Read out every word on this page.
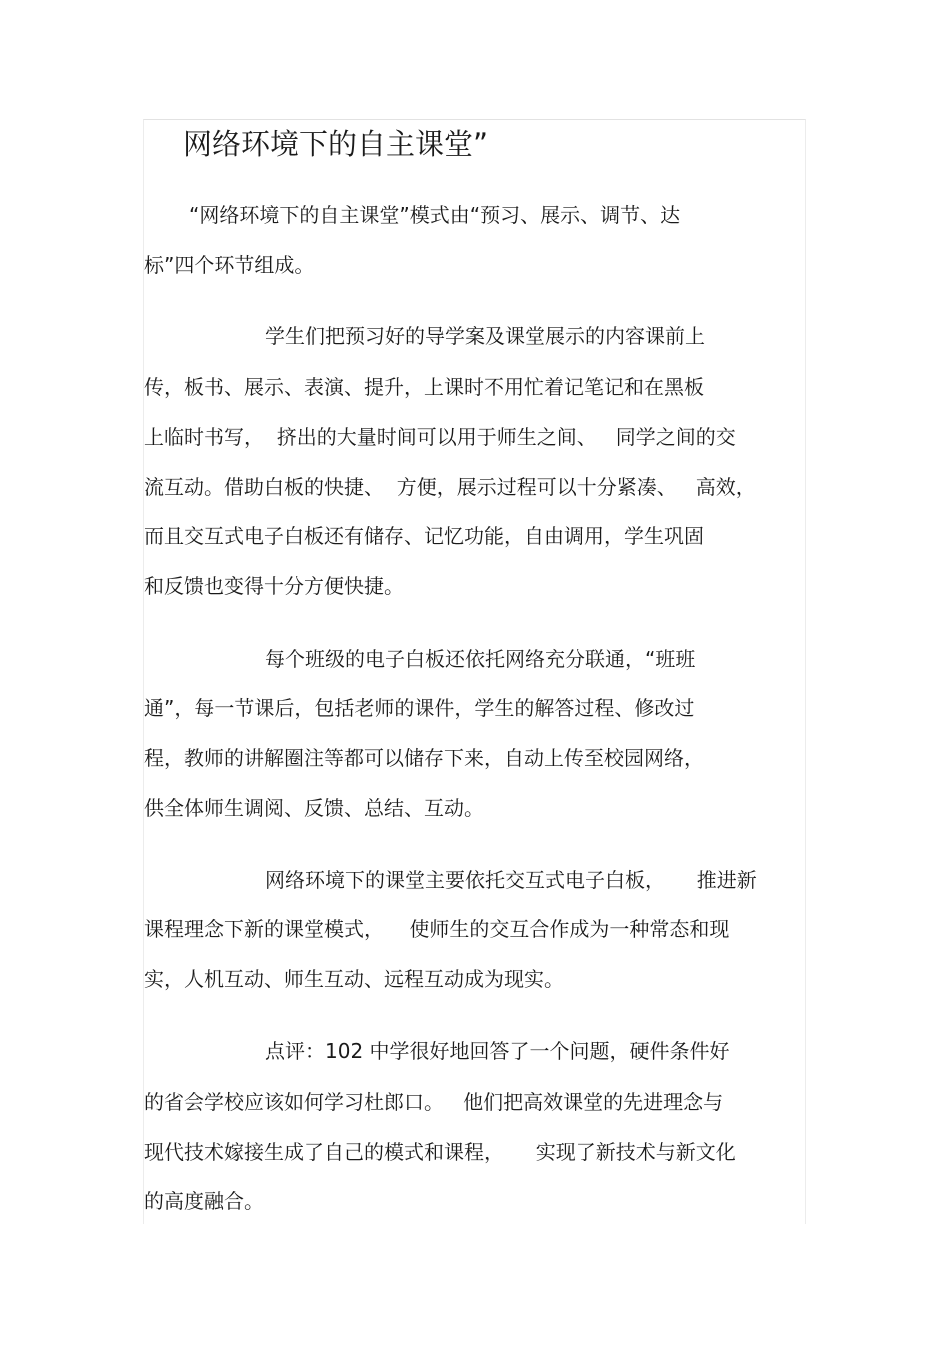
网络环境下的自主课堂”

“网络环境下的自主课堂”模式由“预习、展示、调节、达

标”四个环节组成。

学生们把预习好的导学案及课堂展示的内容课前上

传，板书、展示、表演、提升，上课时不用忙着记笔记和在黑板

上临时书写，  挤出的大量时间可以用于师生之间、   同学之间的交

流互动。借助白板的快捷、  方便，展示过程可以十分紧凑、   高效，

而且交互式电子白板还有储存、记忆功能，自由调用，学生巩固

和反馈也变得十分方便快捷。

每个班级的电子白板还依托网络充分联通，“班班

通”，每一节课后，包括老师的课件，学生的解答过程、修改过

程，教师的讲解圈注等都可以储存下来，自动上传至校园网络，

供全体师生调阅、反馈、总结、互动。

网络环境下的课堂主要依托交互式电子白板，     推进新

课程理念下新的课堂模式，    使师生的交互合作成为一种常态和现

实，人机互动、师生互动、远程互动成为现实。

点评：102 中学很好地回答了一个问题，硬件条件好

的省会学校应该如何学习杜郎口。   他们把高效课堂的先进理念与

现代技术嫁接生成了自己的模式和课程，     实现了新技术与新文化

的高度融合。
